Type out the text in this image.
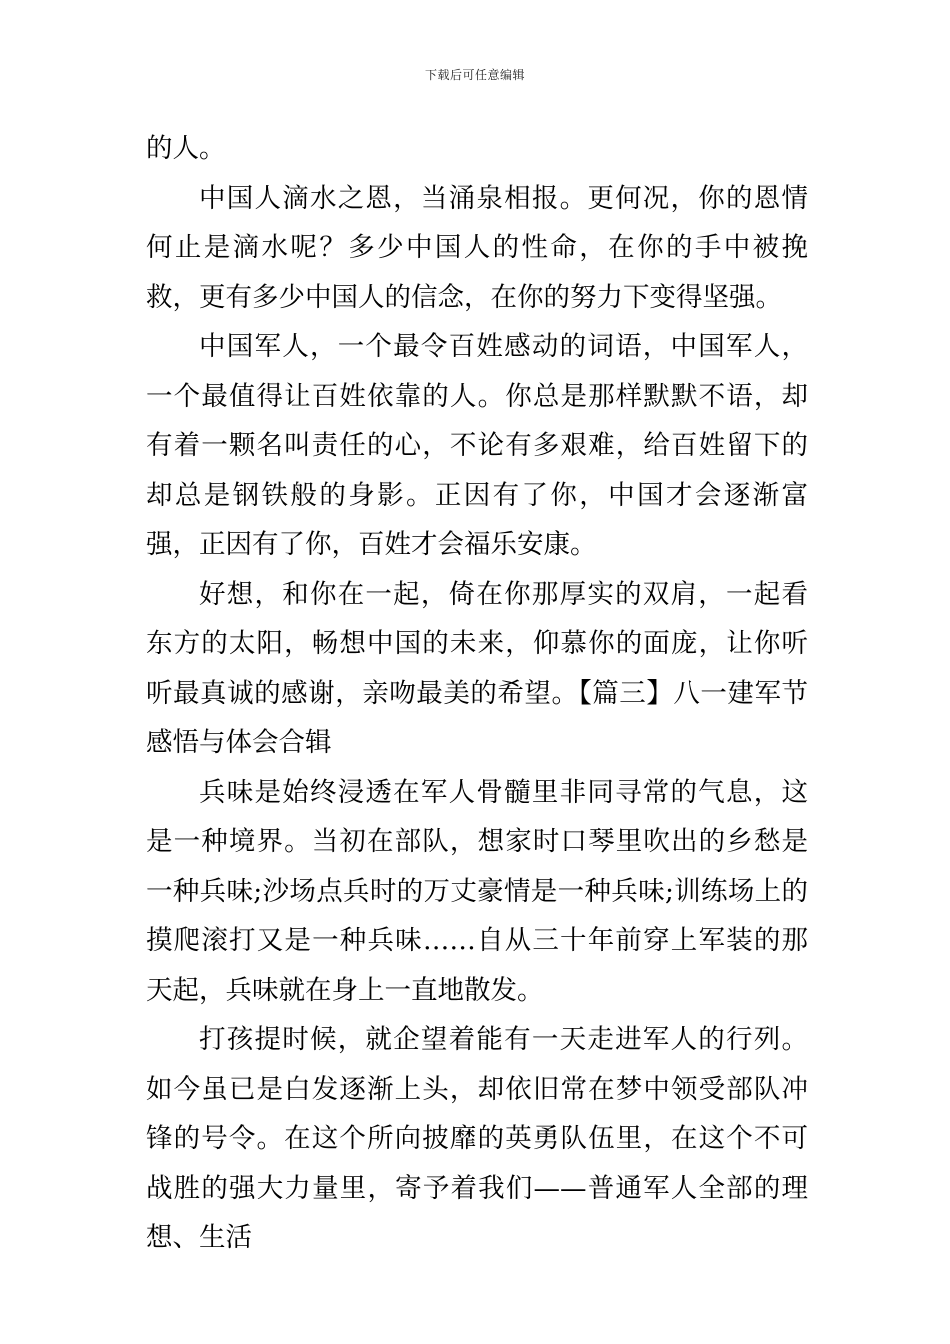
下载后可任意编辑

的人。

中国人滴水之恩，当涌泉相报。更何况，你的恩情何止是滴水呢？多少中国人的性命，在你的手中被挽救，更有多少中国人的信念，在你的努力下变得坚强。

中国军人，一个最令百姓感动的词语，中国军人，一个最值得让百姓依靠的人。你总是那样默默不语，却有着一颗名叫责任的心，不论有多艰难，给百姓留下的却总是钢铁般的身影。正因有了你，中国才会逐渐富强，正因有了你，百姓才会福乐安康。

好想，和你在一起，倚在你那厚实的双肩，一起看东方的太阳，畅想中国的未来，仰慕你的面庞，让你听听最真诚的感谢，亲吻最美的希望。【篇三】八一建军节感悟与体会合辑

兵味是始终浸透在军人骨髓里非同寻常的气息，这是一种境界。当初在部队，想家时口琴里吹出的乡愁是一种兵味;沙场点兵时的万丈豪情是一种兵味;训练场上的摸爬滚打又是一种兵味……自从三十年前穿上军装的那天起，兵味就在身上一直地散发。

打孩提时候，就企望着能有一天走进军人的行列。如今虽已是白发逐渐上头，却依旧常在梦中领受部队冲锋的号令。在这个所向披靡的英勇队伍里，在这个不可战胜的强大力量里，寄予着我们——普通军人全部的理想、生活
